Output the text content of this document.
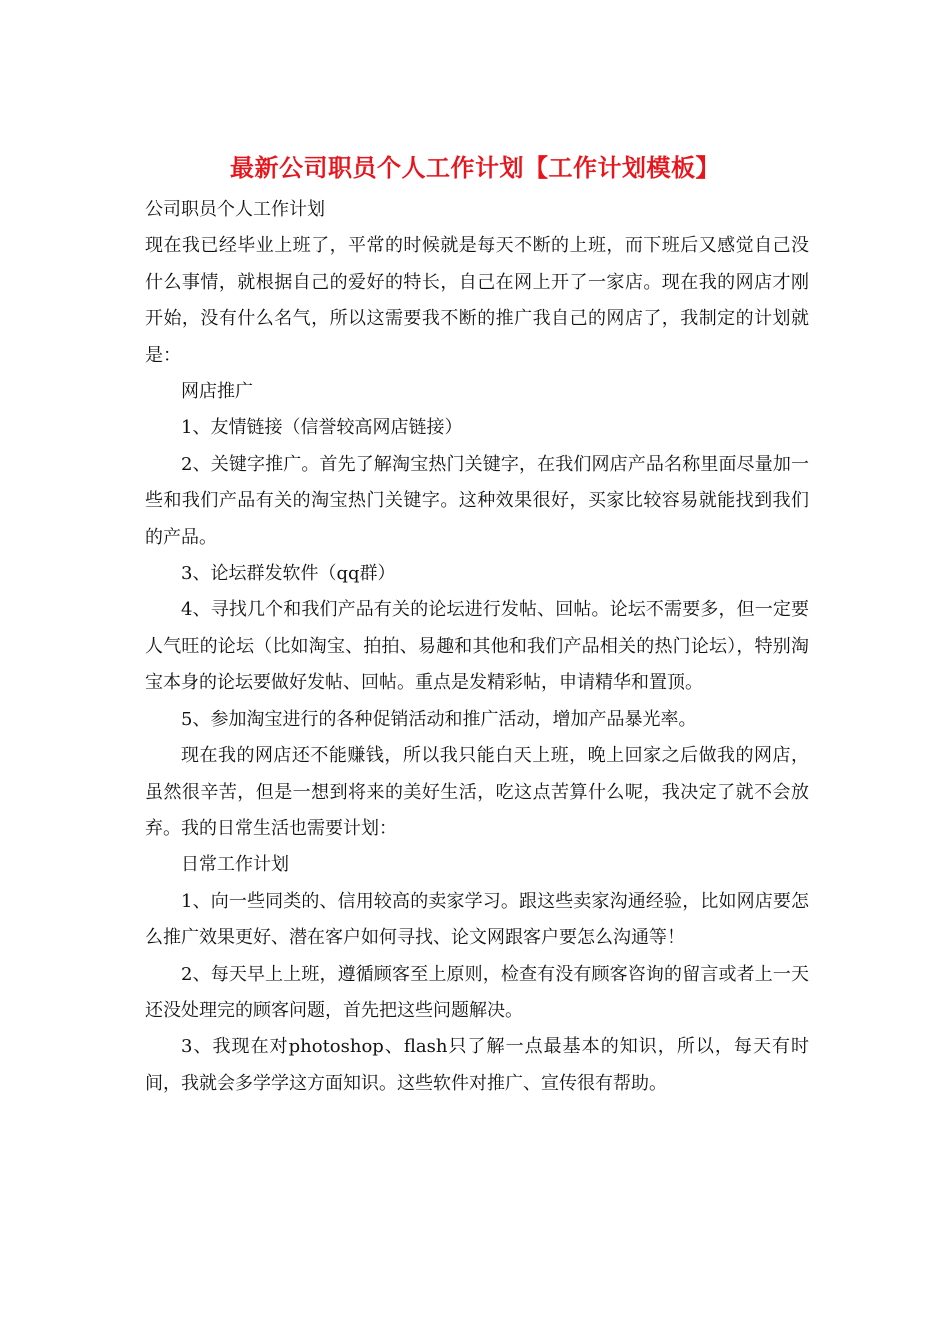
最新公司职员个人工作计划【工作计划模板】

公司职员个人工作计划

现在我已经毕业上班了，平常的时候就是每天不断的上班，而下班后又感觉自己没什么事情，就根据自己的爱好的特长，自己在网上开了一家店。现在我的网店才刚开始，没有什么名气，所以这需要我不断的推广我自己的网店了，我制定的计划就是：

网店推广

1、友情链接（信誉较高网店链接）

2、关键字推广。首先了解淘宝热门关键字，在我们网店产品名称里面尽量加一些和我们产品有关的淘宝热门关键字。这种效果很好，买家比较容易就能找到我们的产品。

3、论坛群发软件（qq群）

4、寻找几个和我们产品有关的论坛进行发帖、回帖。论坛不需要多，但一定要人气旺的论坛（比如淘宝、拍拍、易趣和其他和我们产品相关的热门论坛），特别淘宝本身的论坛要做好发帖、回帖。重点是发精彩帖，申请精华和置顶。

5、参加淘宝进行的各种促销活动和推广活动，增加产品暴光率。

现在我的网店还不能赚钱，所以我只能白天上班，晚上回家之后做我的网店，虽然很辛苦，但是一想到将来的美好生活，吃这点苦算什么呢，我决定了就不会放弃。我的日常生活也需要计划：

日常工作计划

1、向一些同类的、信用较高的卖家学习。跟这些卖家沟通经验，比如网店要怎么推广效果更好、潜在客户如何寻找、论文网跟客户要怎么沟通等！

2、每天早上上班，遵循顾客至上原则，检查有没有顾客咨询的留言或者上一天还没处理完的顾客问题，首先把这些问题解决。

3、我现在对photoshop、flash只了解一点最基本的知识，所以，每天有时间，我就会多学学这方面知识。这些软件对推广、宣传很有帮助。
